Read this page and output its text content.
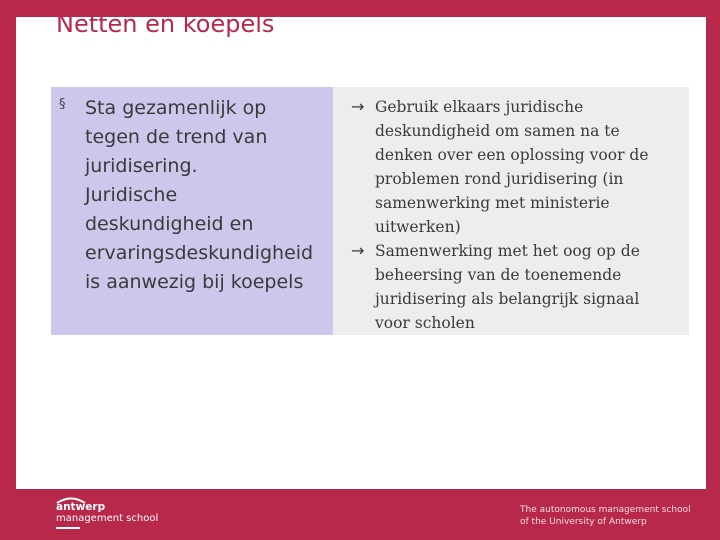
Netten en koepels
§ Sta gezamenlijk op
tegen de trend van
juridisering.
Juridische
deskundigheid en
ervaringsdeskundigheid
is aanwezig bij koepels
→ Gebruik elkaars juridische
deskundigheid om samen na te
denken over een oplossing voor de
problemen rond juridisering (in
samenwerking met ministerie
uitwerken)
→ Samenwerking met het oog op de
beheersing van de toenemende
juridisering als belangrijk signaal
voor scholen
antwerp
management school
The autonomous management school
of the University of Antwerp
